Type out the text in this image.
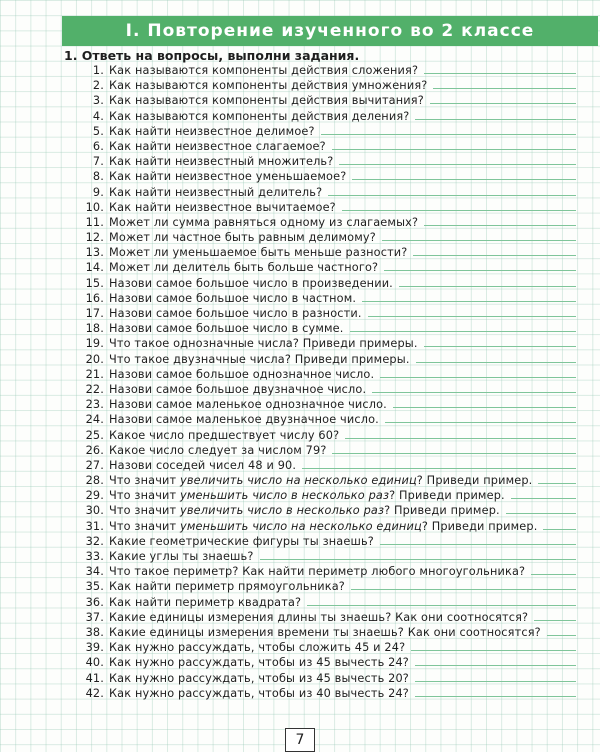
I. Повторение изученного во 2 классе
1. Ответь на вопросы, выполни задания.
1. Как называются компоненты действия сложения?
2. Как называются компоненты действия умножения?
3. Как называются компоненты действия вычитания?
4. Как называются компоненты действия деления?
5. Как найти неизвестное делимое?
6. Как найти неизвестное слагаемое?
7. Как найти неизвестный множитель?
8. Как найти неизвестное уменьшаемое?
9. Как найти неизвестный делитель?
10. Как найти неизвестное вычитаемое?
11. Может ли сумма равняться одному из слагаемых?
12. Может ли частное быть равным делимому?
13. Может ли уменьшаемое быть меньше разности?
14. Может ли делитель быть больше частного?
15. Назови самое большое число в произведении.
16. Назови самое большое число в частном.
17. Назови самое большое число в разности.
18. Назови самое большое число в сумме.
19. Что такое однозначные числа? Приведи примеры.
20. Что такое двузначные числа? Приведи примеры.
21. Назови самое большое однозначное число.
22. Назови самое большое двузначное число.
23. Назови самое маленькое однозначное число.
24. Назови самое маленькое двузначное число.
25. Какое число предшествует числу 60?
26. Какое число следует за числом 79?
27. Назови соседей чисел 48 и 90.
28. Что значит увеличить число на несколько единиц? Приведи пример.
29. Что значит уменьшить число в несколько раз? Приведи пример.
30. Что значит увеличить число в несколько раз? Приведи пример.
31. Что значит уменьшить число на несколько единиц? Приведи пример.
32. Какие геометрические фигуры ты знаешь?
33. Какие углы ты знаешь?
34. Что такое периметр? Как найти периметр любого многоугольника?
35. Как найти периметр прямоугольника?
36. Как найти периметр квадрата?
37. Какие единицы измерения длины ты знаешь? Как они соотносятся?
38. Какие единицы измерения времени ты знаешь? Как они соотносятся?
39. Как нужно рассуждать, чтобы сложить 45 и 24?
40. Как нужно рассуждать, чтобы из 45 вычесть 24?
41. Как нужно рассуждать, чтобы из 45 вычесть 20?
42. Как нужно рассуждать, чтобы из 40 вычесть 24?
7
